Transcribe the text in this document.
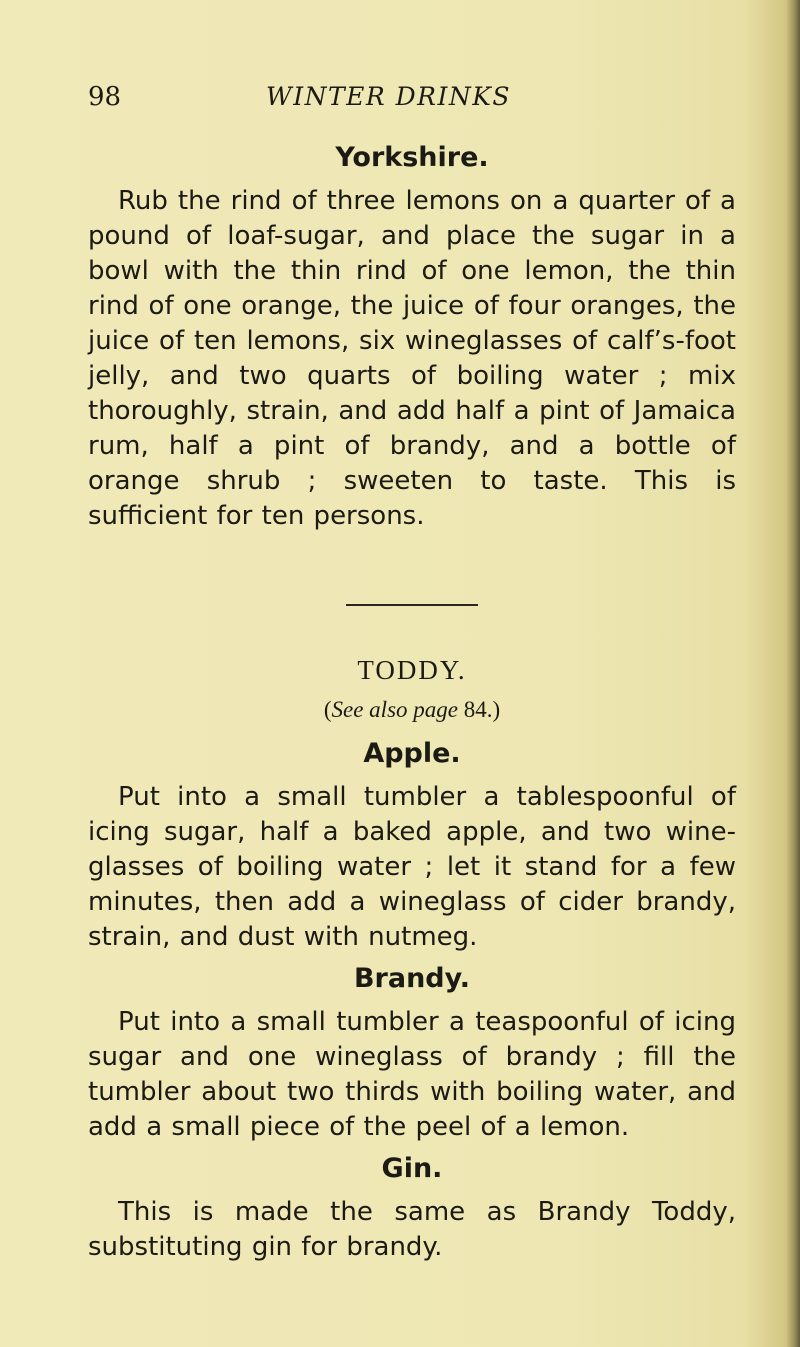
98	WINTER DRINKS
Yorkshire.

Rub the rind of three lemons on a quarter of a pound of loaf-sugar, and place the sugar in a bowl with the thin rind of one lemon, the thin rind of one orange, the juice of four oranges, the juice of ten lemons, six wineglasses of calf’s-foot jelly, and two quarts of boiling water ; mix thoroughly, strain, and add half a pint of Jamaica rum, half a pint of brandy, and a bottle of orange shrub ; sweeten to taste. This is sufficient for ten persons.

TODDY.
(See also page 84.)
Apple.

Put into a small tumbler a tablespoonful of icing sugar, half a baked apple, and two wine-glasses of boiling water ; let it stand for a few minutes, then add a wineglass of cider brandy, strain, and dust with nutmeg.

Brandy.

Put into a small tumbler a teaspoonful of icing sugar and one wineglass of brandy ; fill the tumbler about two thirds with boiling water, and add a small piece of the peel of a lemon.

Gin.

This is made the same as Brandy Toddy, substituting gin for brandy.
